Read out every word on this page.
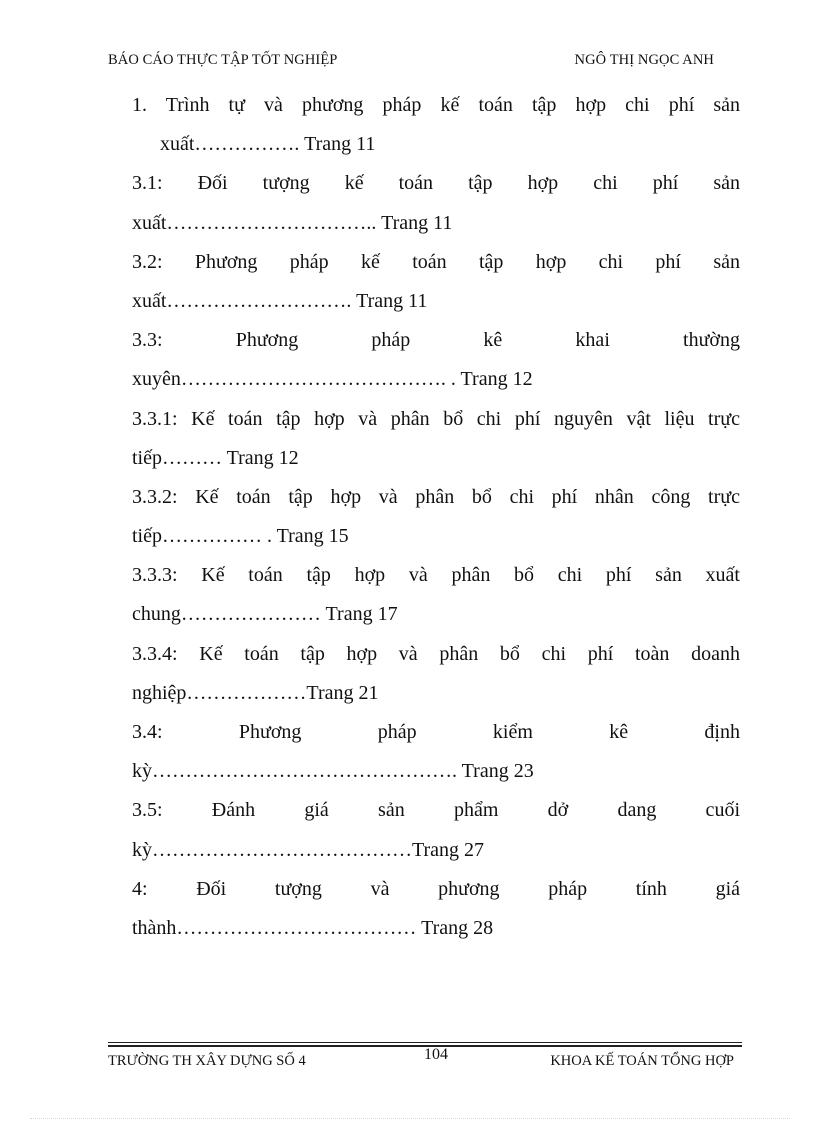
BÁO CÁO THỰC TẬP TỐT NGHIỆP	NGÔ THỊ NGỌC ANH
1. Trình tự và phương pháp kế toán tập hợp chi phí sản
xuất……………. Trang 11
3.1: Đối tượng kế toán tập hợp chi phí sản
xuất………………………….. Trang 11
3.2: Phương pháp kế toán tập hợp chi phí sản
xuất………………………. Trang 11
3.3: Phương pháp kê khai thường
xuyên…………………………………. . Trang 12
3.3.1: Kế toán tập hợp và phân bổ chi phí nguyên vật liệu trực
tiếp……… Trang 12
3.3.2: Kế toán tập hợp và phân bổ chi phí nhân công trực
tiếp…………… . Trang 15
3.3.3: Kế toán tập hợp và phân bổ chi phí sản xuất
chung………………… Trang 17
3.3.4: Kế toán tập hợp và phân bổ chi phí toàn doanh
nghiệp………………Trang 21
3.4: Phương pháp kiểm kê định
kỳ………………………………………. Trang 23
3.5: Đánh giá sản phẩm dở dang cuối
kỳ…………………………………Trang 27
4: Đối tượng và phương pháp tính giá
thành……………………………… Trang 28
TRƯỜNG TH XÂY DỰNG SỐ 4	104	KHOA KẾ TOÁN TỔNG HỢP
